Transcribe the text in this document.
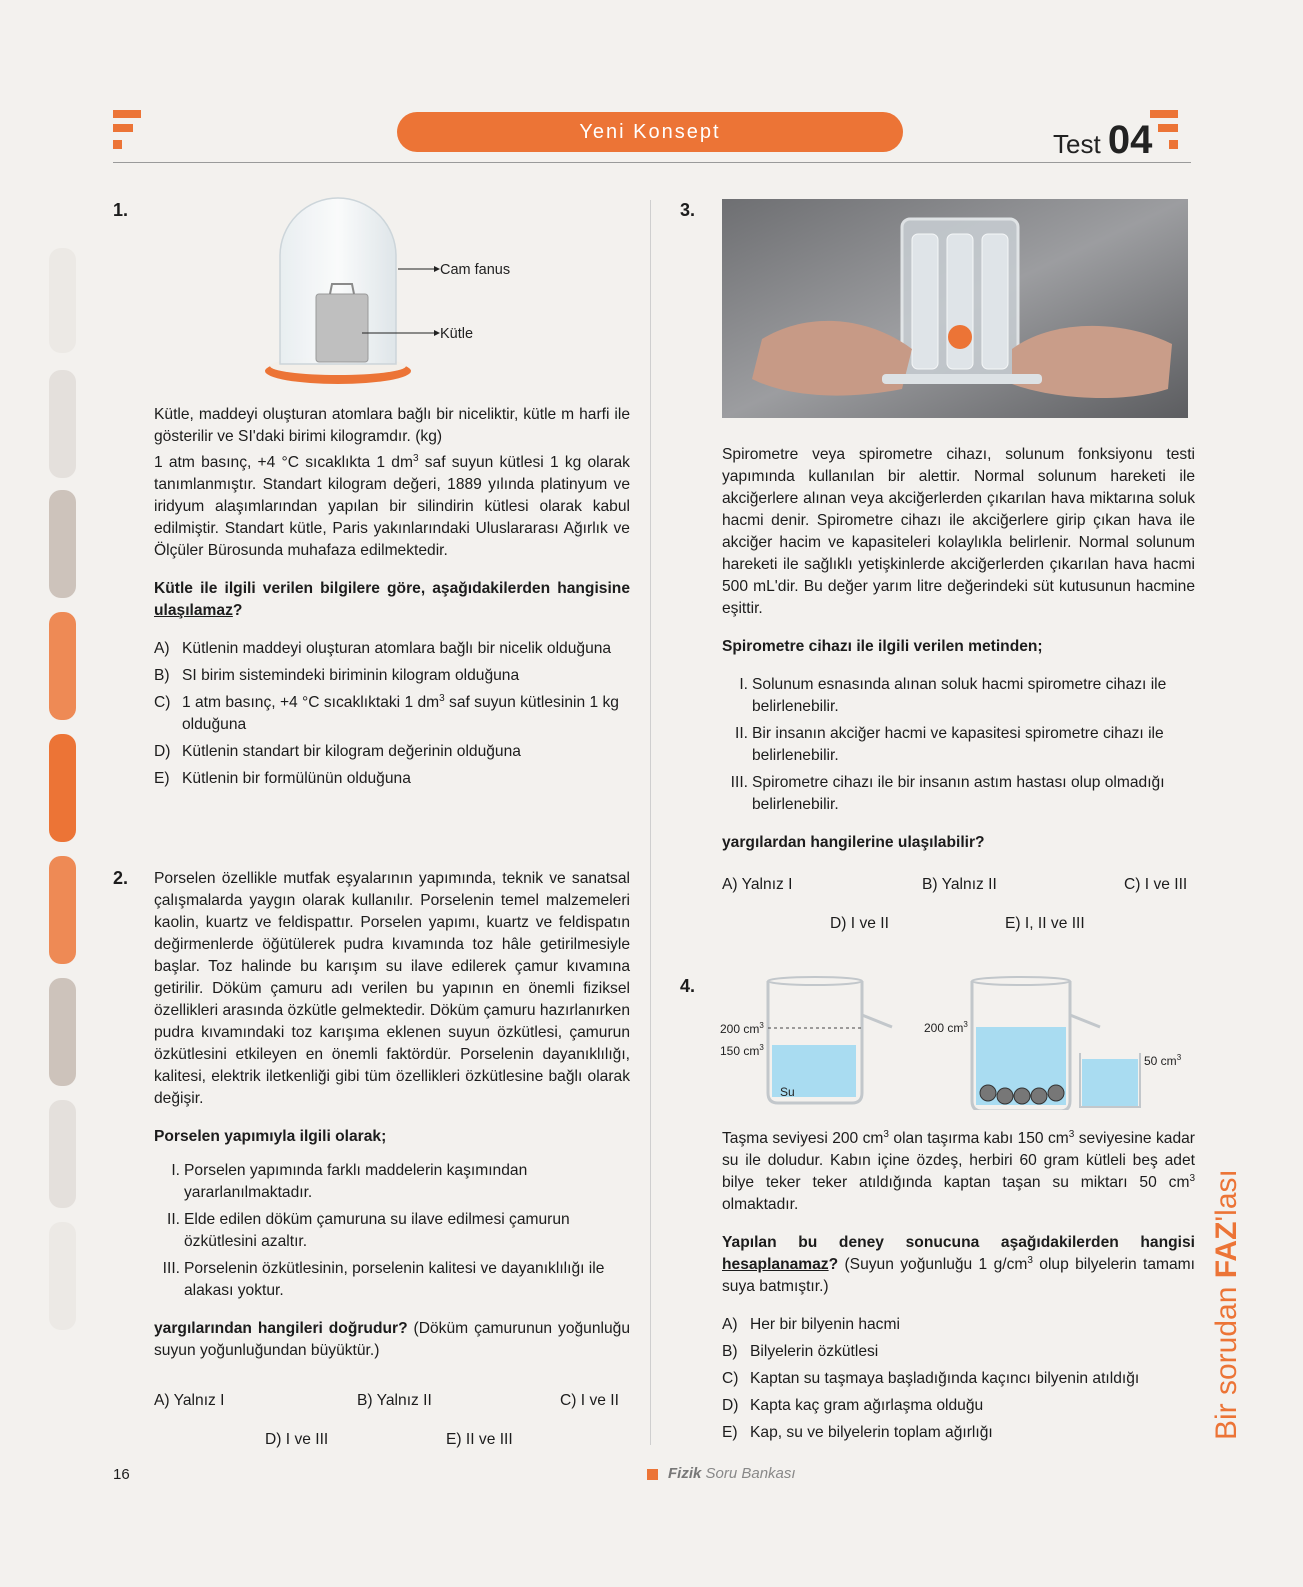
Yeni Konsept	Test 04
1.
Cam fanus
Kütle
Kütle, maddeyi oluşturan atomlara bağlı bir niceliktir, kütle m harfi ile gösterilir ve SI'daki birimi kilogramdır. (kg)
1 atm basınç, +4 °C sıcaklıkta 1 $dm^3$ saf suyun kütlesi 1 kg olarak tanımlanmıştır. Standart kilogram değeri, 1889 yılında platinyum ve iridyum alaşımlarından yapılan bir silindirin kütlesi olarak kabul edilmiştir. Standart kütle, Paris yakınlarındaki Uluslararası Ağırlık ve Ölçüler Bürosunda muhafaza edilmektedir.
Kütle ile ilgili verilen bilgilere göre, aşağıdakilerden hangisine ulaşılamaz?
A) Kütlenin maddeyi oluşturan atomlara bağlı bir nicelik olduğuna
B) SI birim sistemindeki biriminin kilogram olduğuna
C) 1 atm basınç, +4 °C sıcaklıktaki 1 $dm^3$ saf suyun kütlesinin 1 kg olduğuna
D) Kütlenin standart bir kilogram değerinin olduğuna
E) Kütlenin bir formülünün olduğuna
2. Porselen özellikle mutfak eşyalarının yapımında, teknik ve sanatsal çalışmalarda yaygın olarak kullanılır. Porselenin temel malzemeleri kaolin, kuartz ve feldispattır. Porselen yapımı, kuartz ve feldispatın değirmenlerde öğütülerek pudra kıvamında toz hâle getirilmesiyle başlar. Toz halinde bu karışım su ilave edilerek çamur kıvamına getirilir. Döküm çamuru adı verilen bu yapının en önemli fiziksel özellikleri arasında özkütle gelmektedir. Döküm çamuru hazırlanırken pudra kıvamındaki toz karışıma eklenen suyun özkütlesi, çamurun özkütlesini etkileyen en önemli faktördür. Porselenin dayanıklılığı, kalitesi, elektrik iletkenliği gibi tüm özellikleri özkütlesine bağlı olarak değişir.
Porselen yapımıyla ilgili olarak;
I. Porselen yapımında farklı maddelerin kaşımından yararlanılmaktadır.
II. Elde edilen döküm çamuruna su ilave edilmesi çamurun özkütlesini azaltır.
III. Porselenin özkütlesinin, porselenin kalitesi ve dayanıklılığı ile alakası yoktur.
yargılarından hangileri doğrudur? (Döküm çamurunun yoğunluğu suyun yoğunluğundan büyüktür.)
A) Yalnız I	B) Yalnız II	C) I ve II
D) I ve III	E) II ve III
3.
Spirometre veya spirometre cihazı, solunum fonksiyonu testi yapımında kullanılan bir alettir. Normal solunum hareketi ile akciğerlere alınan veya akciğerlerden çıkarılan hava miktarına soluk hacmi denir. Spirometre cihazı ile akciğerlere girip çıkan hava ile akciğer hacim ve kapasiteleri kolaylıkla belirlenir. Normal solunum hareketi ile sağlıklı yetişkinlerde akciğerlerden çıkarılan hava hacmi 500 mL'dir. Bu değer yarım litre değerindeki süt kutusunun hacmine eşittir.
Spirometre cihazı ile ilgili verilen metinden;
I. Solunum esnasında alınan soluk hacmi spirometre cihazı ile belirlenebilir.
II. Bir insanın akciğer hacmi ve kapasitesi spirometre cihazı ile belirlenebilir.
III. Spirometre cihazı ile bir insanın astım hastası olup olmadığı belirlenebilir.
yargılardan hangilerine ulaşılabilir?
A) Yalnız I	B) Yalnız II	C) I ve III
D) I ve II	E) I, II ve III
4.
200 $cm^3$
150 $cm^3$
Su
200 $cm^3$
50 $cm^3$
Taşma seviyesi 200 $cm^3$ olan taşırma kabı 150 $cm^3$ seviyesine kadar su ile doludur. Kabın içine özdeş, herbiri 60 gram kütleli beş adet bilye teker teker atıldığında kaptan taşan su miktarı 50 $cm^3$ olmaktadır.
Yapılan bu deney sonucuna aşağıdakilerden hangisi hesaplanamaz? (Suyun yoğunluğu 1 $g/cm^3$ olup bilyelerin tamamı suya batmıştır.)
A) Her bir bilyenin hacmi
B) Bilyelerin özkütlesi
C) Kaptan su taşmaya başladığında kaçıncı bilyenin atıldığı
D) Kapta kaç gram ağırlaşma olduğu
E) Kap, su ve bilyelerin toplam ağırlığı	Bir sorudan FAZ'lası
16	Fizik Soru Bankası
